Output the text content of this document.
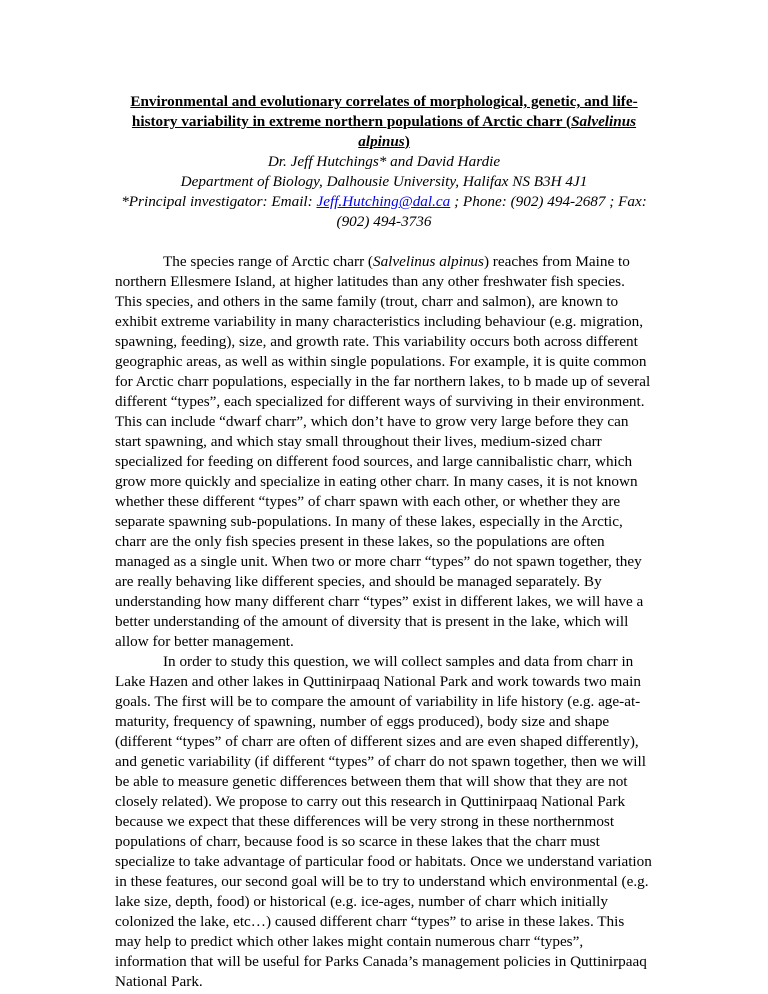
Environmental and evolutionary correlates of morphological, genetic, and life-history variability in extreme northern populations of Arctic charr (Salvelinus alpinus)
Dr. Jeff Hutchings* and David Hardie
Department of Biology, Dalhousie University, Halifax NS B3H 4J1
*Principal investigator: Email: Jeff.Hutching@dal.ca ; Phone: (902) 494-2687 ; Fax: (902) 494-3736

The species range of Arctic charr (Salvelinus alpinus) reaches from Maine to northern Ellesmere Island, at higher latitudes than any other freshwater fish species. This species, and others in the same family (trout, charr and salmon), are known to exhibit extreme variability in many characteristics including behaviour (e.g. migration, spawning, feeding), size, and growth rate. This variability occurs both across different geographic areas, as well as within single populations. For example, it is quite common for Arctic charr populations, especially in the far northern lakes, to b made up of several different “types”, each specialized for different ways of surviving in their environment. This can include “dwarf charr”, which don’t have to grow very large before they can start spawning, and which stay small throughout their lives, medium-sized charr specialized for feeding on different food sources, and large cannibalistic charr, which grow more quickly and specialize in eating other charr. In many cases, it is not known whether these different “types” of charr spawn with each other, or whether they are separate spawning sub-populations. In many of these lakes, especially in the Arctic, charr are the only fish species present in these lakes, so the populations are often managed as a single unit. When two or more charr “types” do not spawn together, they are really behaving like different species, and should be managed separately. By understanding how many different charr “types” exist in different lakes, we will have a better understanding of the amount of diversity that is present in the lake, which will allow for better management.

In order to study this question, we will collect samples and data from charr in Lake Hazen and other lakes in Quttinirpaaq National Park and work towards two main goals. The first will be to compare the amount of variability in life history (e.g. age-at-maturity, frequency of spawning, number of eggs produced), body size and shape (different “types” of charr are often of different sizes and are even shaped differently), and genetic variability (if different “types” of charr do not spawn together, then we will be able to measure genetic differences between them that will show that they are not closely related). We propose to carry out this research in Quttinirpaaq National Park because we expect that these differences will be very strong in these northernmost populations of charr, because food is so scarce in these lakes that the charr must specialize to take advantage of particular food or habitats. Once we understand variation in these features, our second goal will be to try to understand which environmental (e.g. lake size, depth, food) or historical (e.g. ice-ages, number of charr which initially colonized the lake, etc…) caused different charr “types” to arise in these lakes. This may help to predict which other lakes might contain numerous charr “types”, information that will be useful for Parks Canada’s management policies in Quttinirpaaq National Park.
